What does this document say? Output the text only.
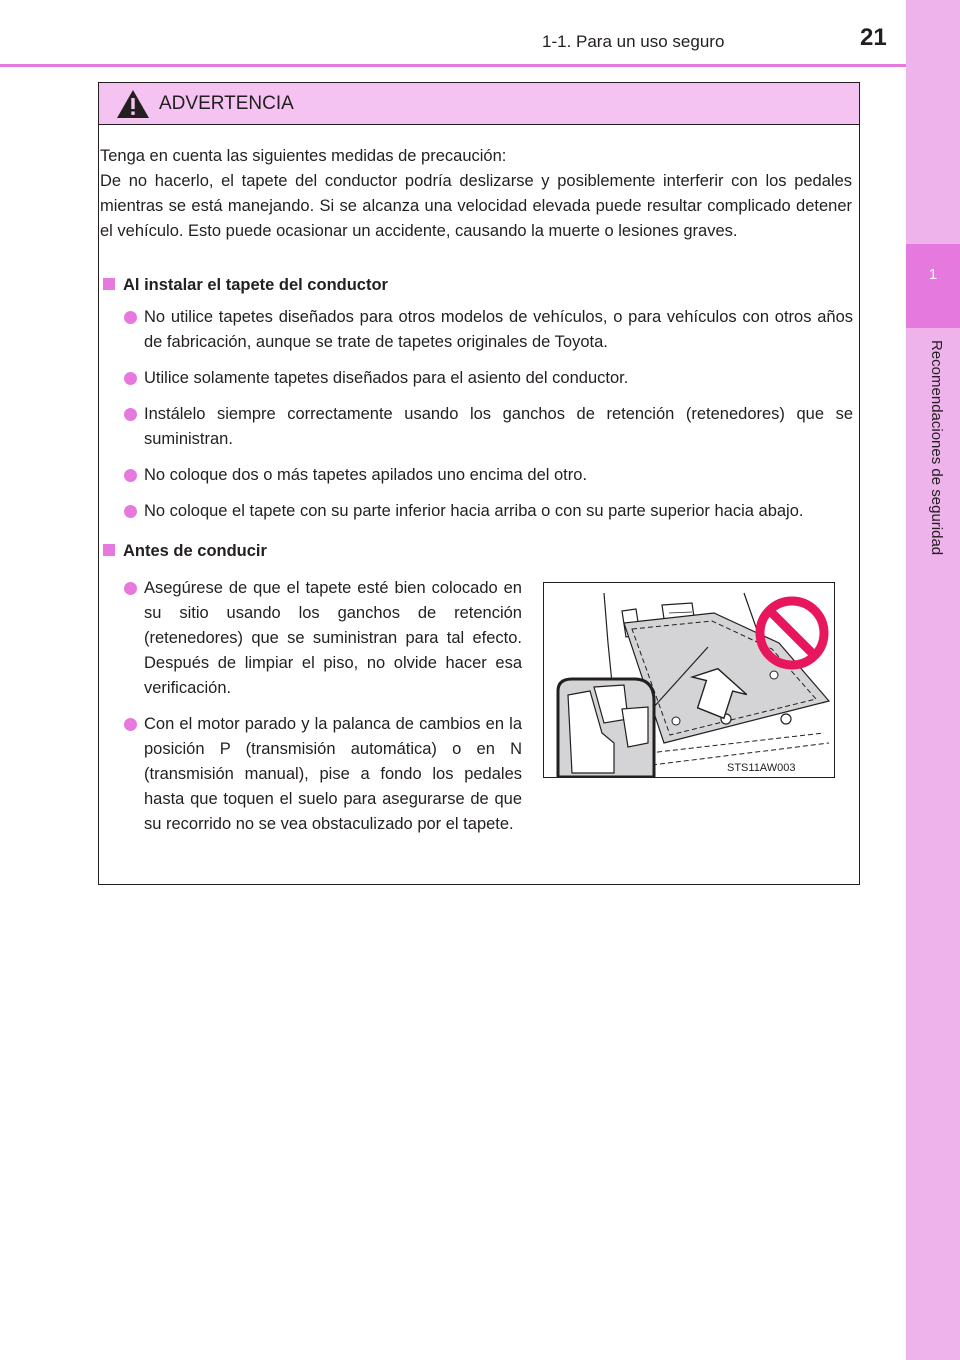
1
Recomendaciones de seguridad
1-1. Para un uso seguro	21
ADVERTENCIA

Tenga en cuenta las siguientes medidas de precaución:

De no hacerlo, el tapete del conductor podría deslizarse y posiblemente interferir con los pedales mientras se está manejando. Si se alcanza una velocidad elevada puede resultar complicado detener el vehículo. Esto puede ocasionar un accidente, causando la muerte o lesiones graves.

Al instalar el tapete del conductor
No utilice tapetes diseñados para otros modelos de vehículos, o para vehículos con otros años de fabricación, aunque se trate de tapetes originales de Toyota.
Utilice solamente tapetes diseñados para el asiento del conductor.
Instálelo siempre correctamente usando los ganchos de retención (retenedores) que se suministran.
No coloque dos o más tapetes apilados uno encima del otro.
No coloque el tapete con su parte inferior hacia arriba o con su parte superior hacia abajo.
Antes de conducir
Asegúrese de que el tapete esté bien colocado en su sitio usando los ganchos de retención (retenedores) que se suministran para tal efecto. Después de limpiar el piso, no olvide hacer esa verificación.
Con el motor parado y la palanca de cambios en la posición P (transmisión automática) o en N (transmisión manual), pise a fondo los pedales hasta que toquen el suelo para asegurarse de que su recorrido no se vea obstaculizado por el tapete.
STS11AW003
